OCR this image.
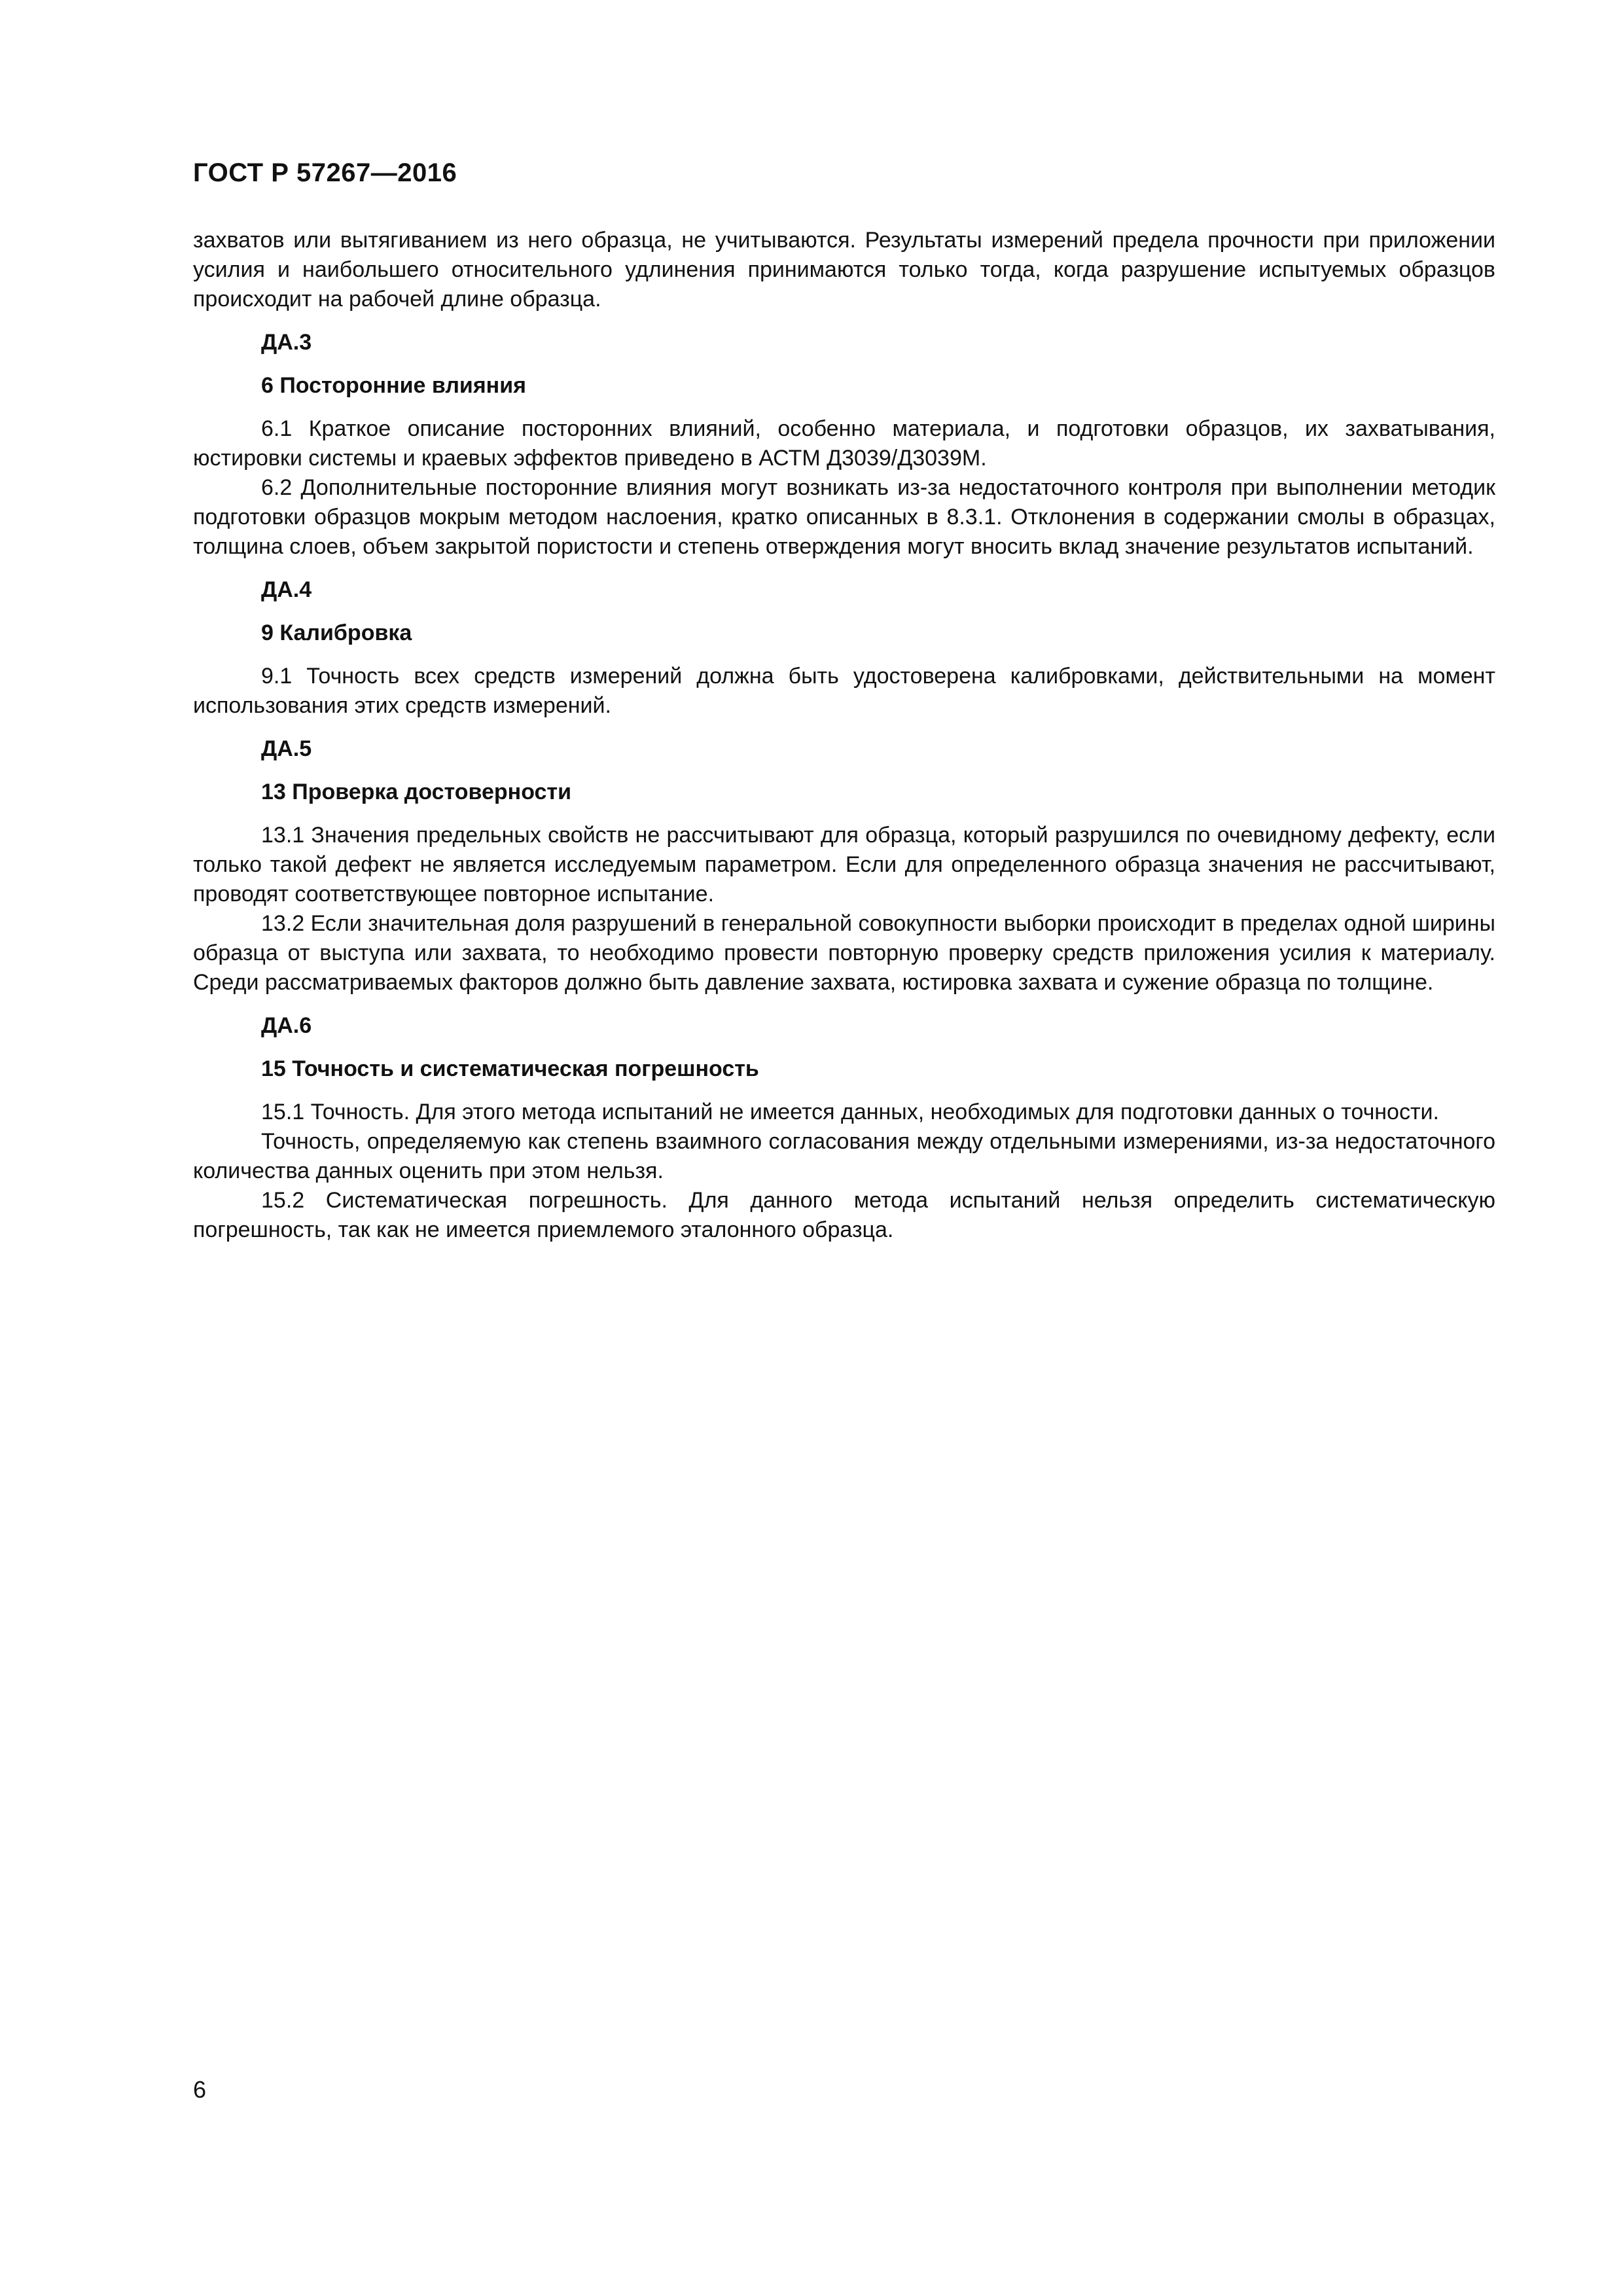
ГОСТ Р 57267—2016

захватов или вытягиванием из него образца, не учитываются. Результаты измерений предела прочности при приложении усилия и наибольшего относительного удлинения принимаются только тогда, когда разрушение испытуемых образцов происходит на рабочей длине образца.

ДА.3
6 Посторонние влияния

6.1 Краткое описание посторонних влияний, особенно материала, и подготовки образцов, их захватывания, юстировки системы и краевых эффектов приведено в АСТМ Д3039/Д3039М.

6.2 Дополнительные посторонние влияния могут возникать из-за недостаточного контроля при выполнении методик подготовки образцов мокрым методом наслоения, кратко описанных в 8.3.1. Отклонения в содержании смолы в образцах, толщина слоев, объем закрытой пористости и степень отверждения могут вносить вклад значение результатов испытаний.

ДА.4
9 Калибровка

9.1 Точность всех средств измерений должна быть удостоверена калибровками, действительными на момент использования этих средств измерений.

ДА.5
13 Проверка достоверности

13.1 Значения предельных свойств не рассчитывают для образца, который разрушился по очевидному дефекту, если только такой дефект не является исследуемым параметром. Если для определенного образца значения не рассчитывают, проводят соответствующее повторное испытание.

13.2 Если значительная доля разрушений в генеральной совокупности выборки происходит в пределах одной ширины образца от выступа или захвата, то необходимо провести повторную проверку средств приложения усилия к материалу. Среди рассматриваемых факторов должно быть давление захвата, юстировка захвата и сужение образца по толщине.

ДА.6
15 Точность и систематическая погрешность

15.1 Точность. Для этого метода испытаний не имеется данных, необходимых для подготовки данных о точности.

Точность, определяемую как степень взаимного согласования между отдельными измерениями, из-за недостаточного количества данных оценить при этом нельзя.

15.2 Систематическая погрешность. Для данного метода испытаний нельзя определить систематическую погрешность, так как не имеется приемлемого эталонного образца.

6
